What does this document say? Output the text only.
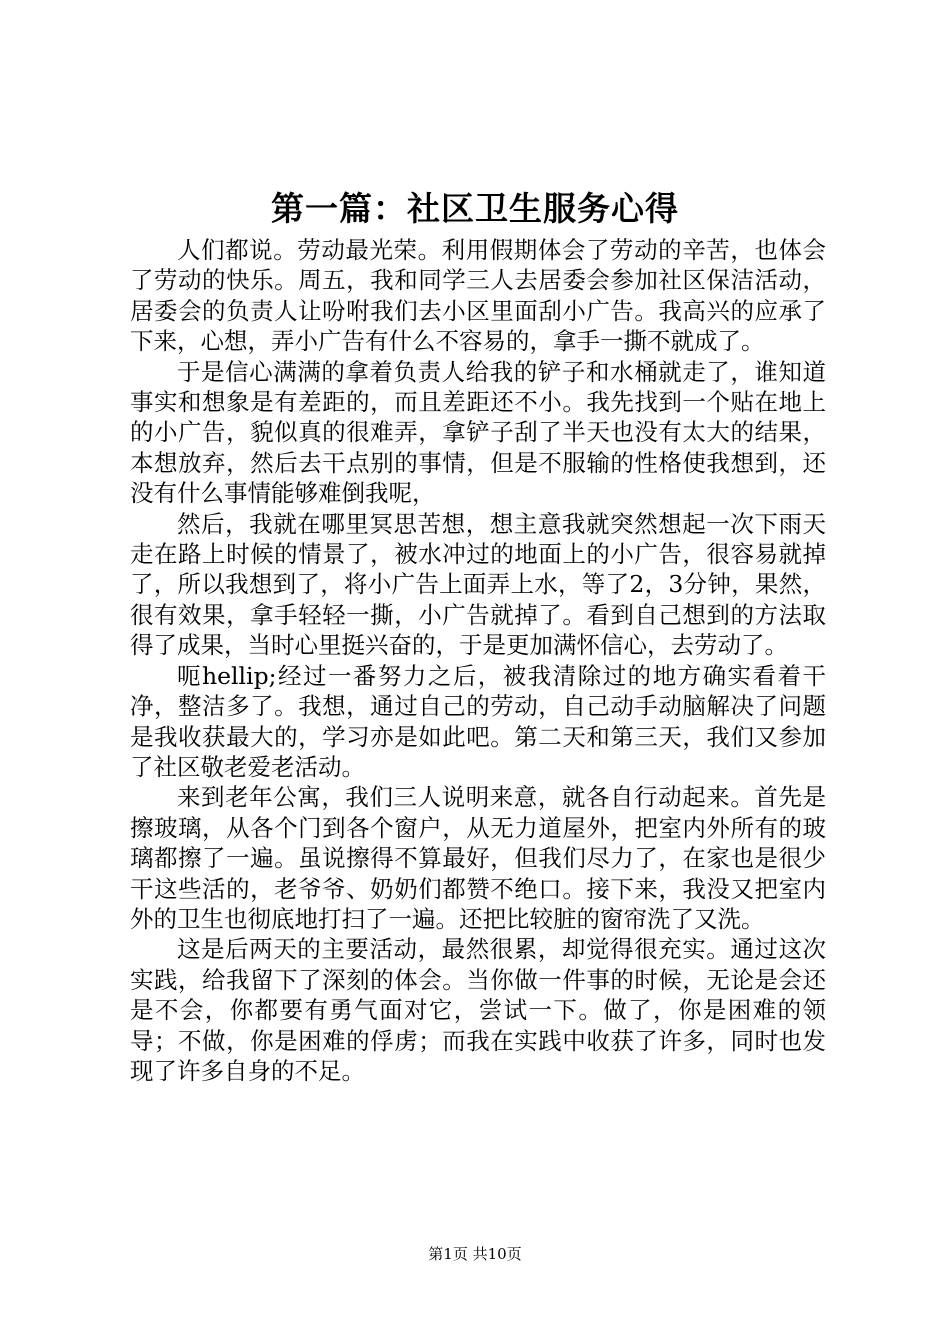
第一篇：社区卫生服务心得

人们都说。劳动最光荣。利用假期体会了劳动的辛苦，也体会了劳动的快乐。周五，我和同学三人去居委会参加社区保洁活动，居委会的负责人让吩咐我们去小区里面刮小广告。我高兴的应承了下来，心想，弄小广告有什么不容易的，拿手一撕不就成了。

于是信心满满的拿着负责人给我的铲子和水桶就走了，谁知道事实和想象是有差距的，而且差距还不小。我先找到一个贴在地上的小广告，貌似真的很难弄，拿铲子刮了半天也没有太大的结果，本想放弃，然后去干点别的事情，但是不服输的性格使我想到，还没有什么事情能够难倒我呢，

然后，我就在哪里冥思苦想，想主意我就突然想起一次下雨天走在路上时候的情景了，被水冲过的地面上的小广告，很容易就掉了，所以我想到了，将小广告上面弄上水，等了2，3分钟，果然，很有效果，拿手轻轻一撕，小广告就掉了。看到自己想到的方法取得了成果，当时心里挺兴奋的，于是更加满怀信心，去劳动了。

呃hellip;经过一番努力之后，被我清除过的地方确实看着干净，整洁多了。我想，通过自己的劳动，自己动手动脑解决了问题是我收获最大的，学习亦是如此吧。第二天和第三天，我们又参加了社区敬老爱老活动。

来到老年公寓，我们三人说明来意，就各自行动起来。首先是擦玻璃，从各个门到各个窗户，从无力道屋外，把室内外所有的玻璃都擦了一遍。虽说擦得不算最好，但我们尽力了，在家也是很少干这些活的，老爷爷、奶奶们都赞不绝口。接下来，我没又把室内外的卫生也彻底地打扫了一遍。还把比较脏的窗帘洗了又洗。

这是后两天的主要活动，最然很累，却觉得很充实。通过这次实践，给我留下了深刻的体会。当你做一件事的时候，无论是会还是不会，你都要有勇气面对它，尝试一下。做了，你是困难的领导；不做，你是困难的俘虏；而我在实践中收获了许多，同时也发现了许多自身的不足。

第1页 共10页
